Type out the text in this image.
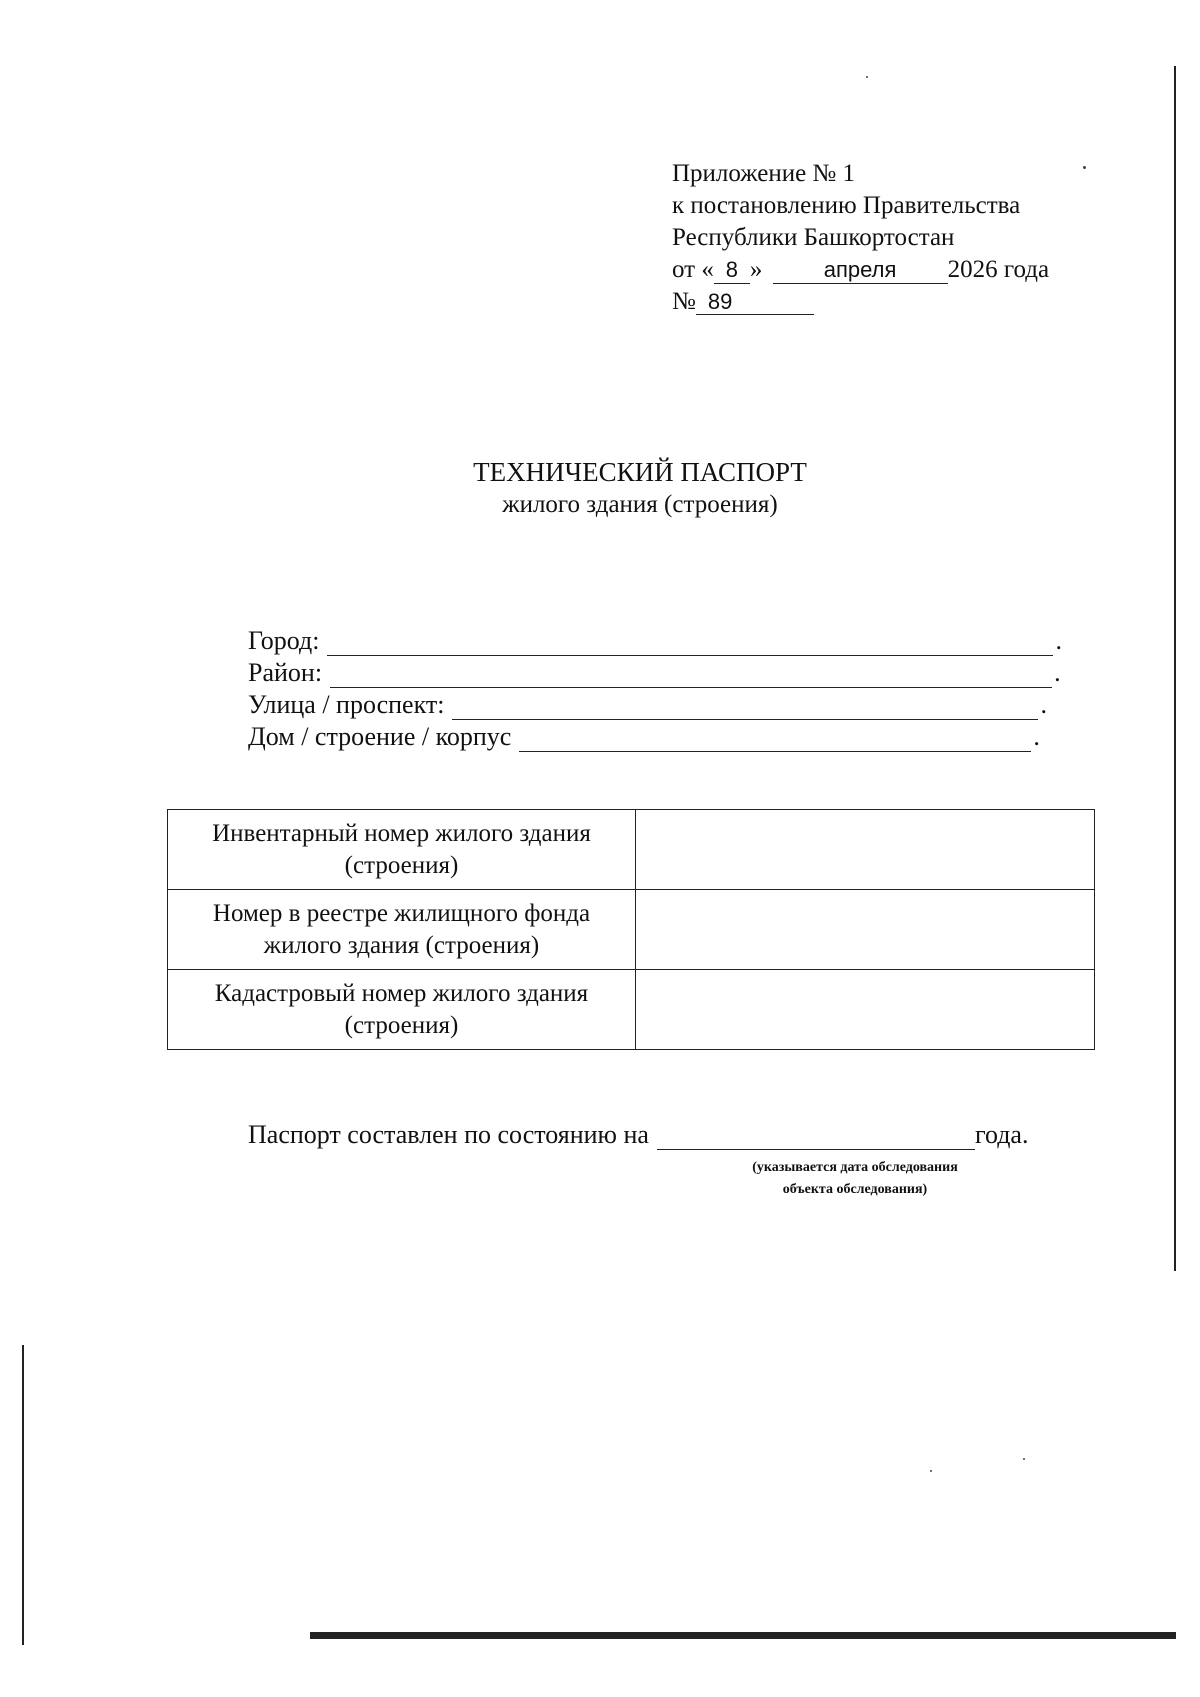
Приложение № 1
к постановлению Правительства
Республики Башкортостан
от « 8 »	апреля 2026 года
№ 89
ТЕХНИЧЕСКИЙ ПАСПОРТ
жилого здания (строения)
Город:	.
Район:	.
Улица / проспект:	.
Дом / строение / корпус	.
Инвентарный номер жилого здания
(строения)	

Номер в реестре жилищного фонда
жилого здания (строения)	

Кадастровый номер жилого здания
(строения)	

Паспорт составлен по состоянию на	года.
(указывается дата обследования
объекта обследования)
